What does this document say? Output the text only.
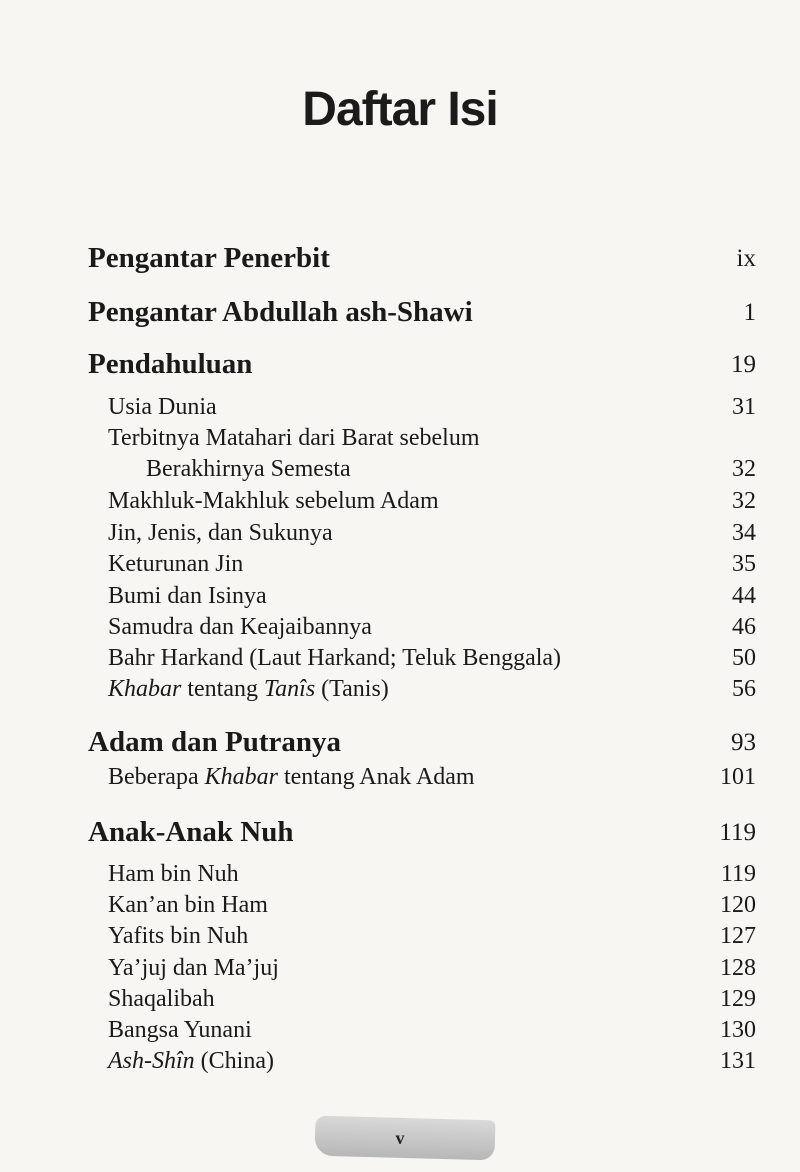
Daftar Isi
Pengantar Penerbit	ix
Pengantar Abdullah ash-Shawi	1
Pendahuluan	19
Usia Dunia	31
Terbitnya Matahari dari Barat sebelum
Berakhirnya Semesta	32
Makhluk-Makhluk sebelum Adam	32
Jin, Jenis, dan Sukunya	34
Keturunan Jin	35
Bumi dan Isinya	44
Samudra dan Keajaibannya	46
Bahr Harkand (Laut Harkand; Teluk Benggala)	50
Khabar tentang Tanîs (Tanis)	56
Adam dan Putranya	93
Beberapa Khabar tentang Anak Adam	101
Anak-Anak Nuh	119
Ham bin Nuh	119
Kan’an bin Ham	120
Yafits bin Nuh	127
Ya’juj dan Ma’juj	128
Shaqalibah	129
Bangsa Yunani	130
Ash-Shîn (China)	131
v
